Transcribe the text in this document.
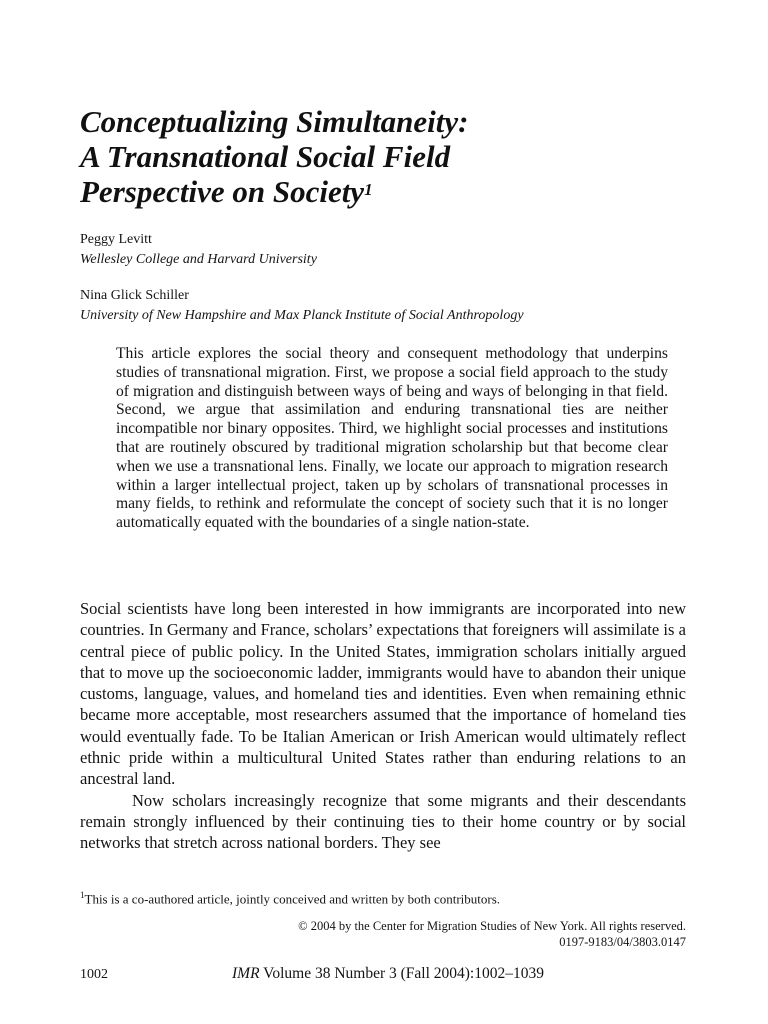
Conceptualizing Simultaneity:
A Transnational Social Field
Perspective on Society$^1$
Peggy Levitt
Wellesley College and Harvard University
Nina Glick Schiller
University of New Hampshire and Max Planck Institute of Social Anthropology

This article explores the social theory and consequent methodology that underpins studies of transnational migration. First, we propose a social field approach to the study of migration and distinguish between ways of being and ways of belonging in that field. Second, we argue that assimilation and enduring transnational ties are neither incompatible nor binary opposites. Third, we highlight social processes and institutions that are routinely obscured by traditional migration scholarship but that become clear when we use a transnational lens. Finally, we locate our approach to migration research within a larger intellectual project, taken up by scholars of transnational processes in many fields, to rethink and reformulate the concept of society such that it is no longer automatically equated with the boundaries of a single nation-state.

Social scientists have long been interested in how immigrants are incorporated into new countries. In Germany and France, scholars’ expectations that foreigners will assimilate is a central piece of public policy. In the United States, immigration scholars initially argued that to move up the socioeconomic ladder, immigrants would have to abandon their unique customs, language, values, and homeland ties and identities. Even when remaining ethnic became more acceptable, most researchers assumed that the importance of homeland ties would eventually fade. To be Italian American or Irish American would ultimately reflect ethnic pride within a multicultural United States rather than enduring relations to an ancestral land.

Now scholars increasingly recognize that some migrants and their descendants remain strongly influenced by their continuing ties to their home country or by social networks that stretch across national borders. They see

$^1$This is a co-authored article, jointly conceived and written by both contributors.
© 2004 by the Center for Migration Studies of New York. All rights reserved.
0197-9183/04/3803.0147
1002	IMR Volume 38 Number 3 (Fall 2004):1002–1039
